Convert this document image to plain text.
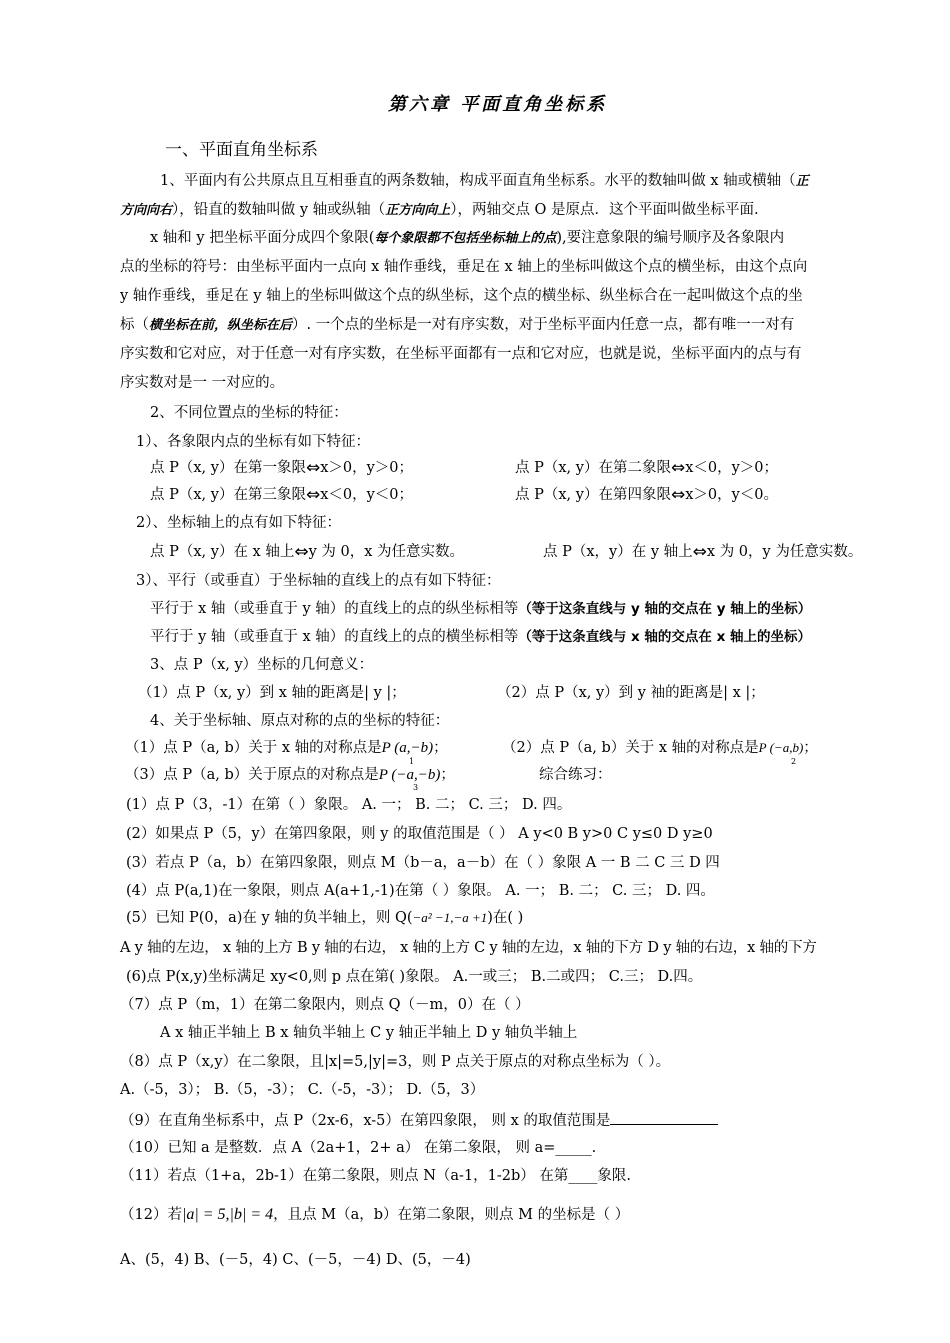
第六章 平面直角坐标系
一、平面直角坐标系
1、平面内有公共原点且互相垂直的两条数轴，构成平面直角坐标系。水平的数轴叫做 x 轴或横轴（正
方向向右），铅直的数轴叫做 y 轴或纵轴（正方向向上），两轴交点 O 是原点．这个平面叫做坐标平面.
x 轴和 y 把坐标平面分成四个象限(每个象限都不包括坐标轴上的点),要注意象限的编号顺序及各象限内
点的坐标的符号：由坐标平面内一点向 x 轴作垂线，垂足在 x 轴上的坐标叫做这个点的横坐标，由这个点向
y 轴作垂线，垂足在 y 轴上的坐标叫做这个点的纵坐标，这个点的横坐标、纵坐标合在一起叫做这个点的坐
标（横坐标在前，纵坐标在后）. 一个点的坐标是一对有序实数，对于坐标平面内任意一点，都有唯一一对有
序实数和它对应，对于任意一对有序实数，在坐标平面都有一点和它对应，也就是说，坐标平面内的点与有
序实数对是一 一对应的。
2、不同位置点的坐标的特征：
1）、各象限内点的坐标有如下特征：
点 P（x, y）在第一象限⇔x＞0，y＞0；	点 P（x, y）在第二象限⇔x＜0，y＞0；
点 P（x, y）在第三象限⇔x＜0，y＜0；	点 P（x, y）在第四象限⇔x＞0，y＜0。
2）、坐标轴上的点有如下特征：
点 P（x, y）在 x 轴上⇔y 为 0，x 为任意实数。	点 P（x，y）在 y 轴上⇔x 为 0，y 为任意实数。
3）、平行（或垂直）于坐标轴的直线上的点有如下特征：
平行于 x 轴（或垂直于 y 轴）的直线上的点的纵坐标相等（等于这条直线与 y 轴的交点在 y 轴上的坐标）
平行于 y 轴（或垂直于 x 轴）的直线上的点的横坐标相等（等于这条直线与 x 轴的交点在 x 轴上的坐标）
3、点 P（x, y）坐标的几何意义：
（1）点 P（x, y）到 x 轴的距离是| y |；	（2）点 P（x, y）到 y 袖的距离是| x |；
4、关于坐标轴、原点对称的点的坐标的特征：
（1）点 P（a, b）关于 x 轴的对称点是P (a,−b)；
1
（2）点 P（a, b）关于 x 轴的对称点是P (−a,b)；
2
（3）点 P（a, b）关于原点的对称点是P (−a,−b)；
3
综合练习：
(1）点 P（3，-1）在第（ ）象限。 A. 一； B. 二； C. 三； D. 四。
(2）如果点 P（5，y）在第四象限，则 y 的取值范围是（ ） A y<0 B y>0 C y≤0 D y≥0
(3）若点 P（a，b）在第四象限，则点 M（b－a，a－b）在（ ）象限 A 一 B 二 C 三 D 四
(4）点 P(a,1)在一象限，则点 A(a+1,-1)在第（ ）象限。 A. 一； B. 二； C. 三； D. 四。
(5）已知 P(0，a)在 y 轴的负半轴上，则 Q(−a² −1,−a +1)在( )
A y 轴的左边， x 轴的上方 B y 轴的右边， x 轴的上方 C y 轴的左边，x 轴的下方 D y 轴的右边，x 轴的下方
(6)点 P(x,y)坐标满足 xy<0,则 p 点在第( )象限。 A.一或三； B.二或四； C.三； D.四。
（7）点 P（m，1）在第二象限内，则点 Q（－m，0）在（ ）
A x 轴正半轴上 B x 轴负半轴上 C y 轴正半轴上 D y 轴负半轴上
（8）点 P（x,y）在二象限，且|x|=5,|y|=3，则 P 点关于原点的对称点坐标为（ ）。
A.（-5，3）； B.（5，-3）； C.（-5，-3）； D.（5，3）
（9）在直角坐标系中，点 P（2x-6，x-5）在第四象限， 则 x 的取值范围是
（10）已知 a 是整数．点 A（2a+1，2+ a） 在第二象限， 则 a=_____.
（11）若点（1+a，2b-1）在第二象限，则点 N（a-1，1-2b） 在第____象限.
（12）若|a| = 5,|b| = 4，且点 M（a，b）在第二象限，则点 M 的坐标是（ ）
A、(5，4) B、(－5，4) C、(－5，－4) D、(5，－4)
